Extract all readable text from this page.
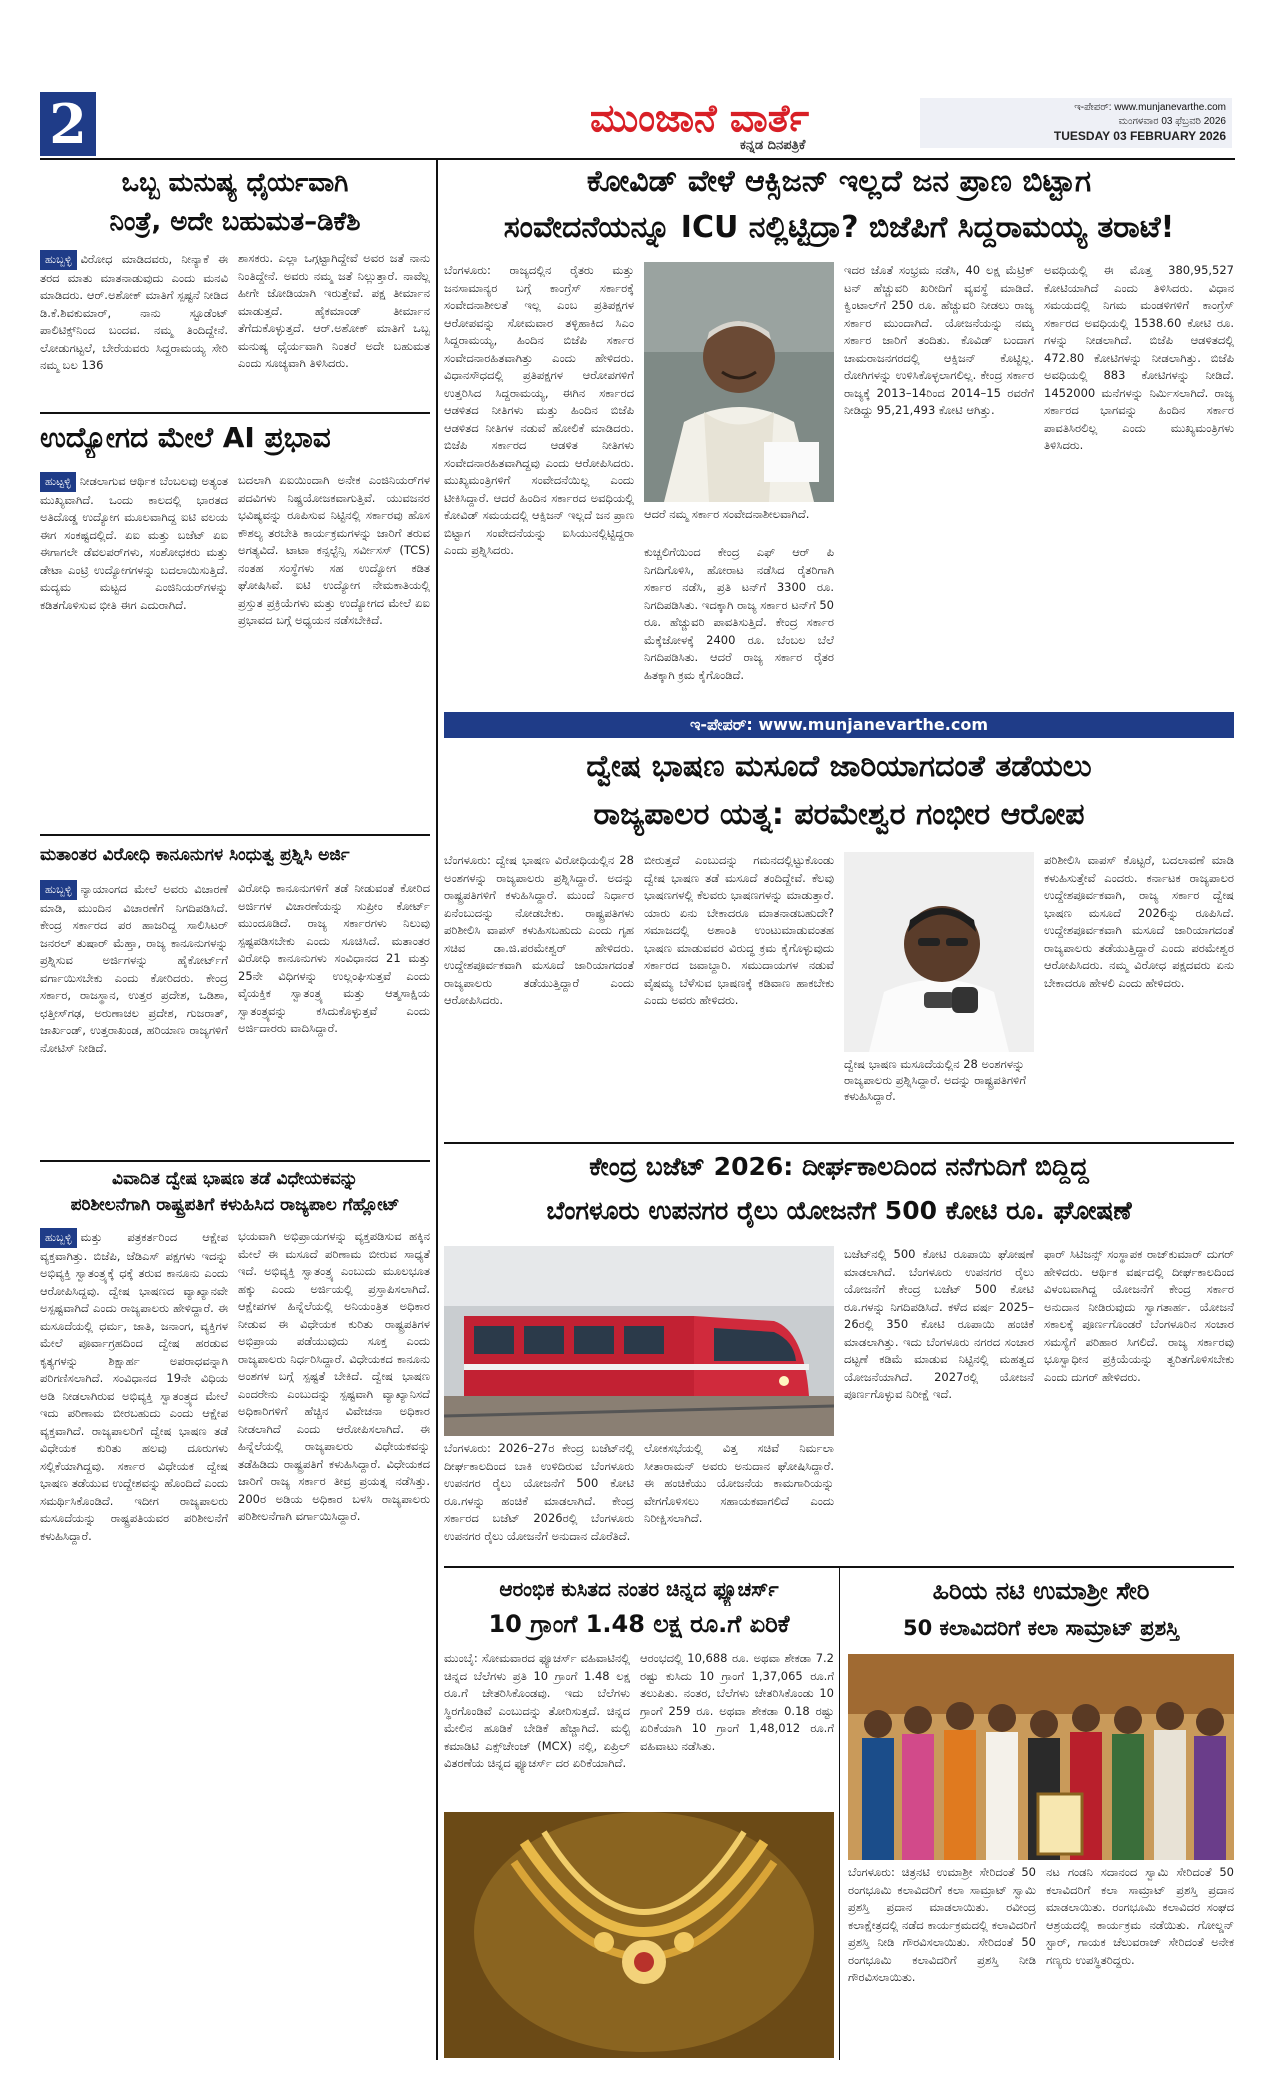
2	ಮುಂಜಾನೆ ವಾರ್ತೆ
ಕನ್ನಡ ದಿನಪತ್ರಿಕೆ
ಇ-ಪೇಪರ್: www.munjanevarthe.com
ಮಂಗಳವಾರ 03 ಫೆಬ್ರವರಿ 2026
TUESDAY 03 FEBRUARY 2026
ಒಬ್ಬ ಮನುಷ್ಯ ಧೈರ್ಯವಾಗಿ
ನಿಂತ್ರೆ, ಅದೇ ಬಹುಮತ–ಡಿಕೆಶಿ
ಹುಬ್ಬಳ್ಳಿ ವಿರೋಧ ಮಾಡಿದವರು, ನೀನ್ಯಾಕೆ ಈ ತರದ ಮಾತು ಮಾತನಾಡುವುದು ಎಂದು ಮನವಿ ಮಾಡಿದರು. ಆರ್.ಅಶೋಕ್ ಮಾತಿಗೆ ಸ್ಪಷ್ಟನೆ ನೀಡಿದ ಡಿ.ಕೆ.ಶಿವಕುಮಾರ್, ನಾನು ಸ್ಟೂಡೆಂಟ್ ಪಾಲಿಟಿಕ್ಸ್‌ನಿಂದ ಬಂದವ. ನಮ್ಮ ತಿಂದಿದ್ದೇನೆ. ಲೋಡುಗಟ್ಟಲೆ, ಬೇರೆಯವರು ಸಿದ್ದರಾಮಯ್ಯ ಸೇರಿ ನಮ್ಮ ಬಲ 136
ಶಾಸಕರು. ಎಲ್ಲಾ ಒಗ್ಗಟ್ಟಾಗಿದ್ದೇವೆ ಅವರ ಜತೆ ನಾನು ನಿಂತಿದ್ದೇನೆ. ಅವರು ನಮ್ಮ ಜತೆ ನಿಲ್ಲುತ್ತಾರೆ. ನಾವೆಲ್ಲ ಹೀಗೇ ಜೋಡಿಯಾಗಿ ಇರುತ್ತೇವೆ. ಪಕ್ಷ ತೀರ್ಮಾನ ಮಾಡುತ್ತದೆ. ಹೈಕಮಾಂಡ್ ತೀರ್ಮಾನ ತೆಗೆದುಕೊಳ್ಳುತ್ತದೆ. ಆರ್.ಅಶೋಕ್ ಮಾತಿಗೆ ಒಬ್ಬ ಮನುಷ್ಯ ಧೈರ್ಯವಾಗಿ ನಿಂತರೆ ಅದೇ ಬಹುಮತ ಎಂದು ಸೂಚ್ಯವಾಗಿ ತಿಳಿಸಿದರು.
ಉದ್ಯೋಗದ ಮೇಲೆ AI ಪ್ರಭಾವ
ಹುಟ್ಟಳ್ಳಿ ನೀಡಲಾಗುವ ಆರ್ಥಿಕ ಬೆಂಬಲವು ಅತ್ಯಂತ ಮುಖ್ಯವಾಗಿದೆ. ಒಂದು ಕಾಲದಲ್ಲಿ ಭಾರತದ ಅತಿದೊಡ್ಡ ಉದ್ಯೋಗ ಮೂಲವಾಗಿದ್ದ ಐಟಿ ವಲಯ ಈಗ ಸಂಕಷ್ಟದಲ್ಲಿದೆ. ಏಐ ಮತ್ತು ಬಜೆಟ್ ಏಐ ಈಗಾಗಲೇ ಡೆವಲಪರ್‌ಗಳು, ಸಂಶೋಧಕರು ಮತ್ತು ಡೇಟಾ ಎಂಟ್ರಿ ಉದ್ಯೋಗಗಳನ್ನು ಬದಲಾಯಿಸುತ್ತಿದೆ. ಮದ್ಯಮ ಮಟ್ಟದ ಎಂಜಿನಿಯರ್‌ಗಳನ್ನು ಕಡಿತಗೊಳಿಸುವ ಭೀತಿ ಈಗ ಎದುರಾಗಿದೆ.
ಬದಲಾಗಿ ಏಐಯಿಂದಾಗಿ ಅನೇಕ ಎಂಜಿನಿಯರ್‌ಗಳ ಪದವಿಗಳು ನಿಷ್ಪ್ರಯೋಜಕವಾಗುತ್ತಿವೆ. ಯುವಜನರ ಭವಿಷ್ಯವನ್ನು ರೂಪಿಸುವ ನಿಟ್ಟಿನಲ್ಲಿ ಸರ್ಕಾರವು ಹೊಸ ಕೌಶಲ್ಯ ತರಬೇತಿ ಕಾರ್ಯಕ್ರಮಗಳನ್ನು ಜಾರಿಗೆ ತರುವ ಅಗತ್ಯವಿದೆ. ಟಾಟಾ ಕನ್ಸಲ್ಟೆನ್ಸಿ ಸರ್ವೀಸಸ್ (TCS) ನಂತಹ ಸಂಸ್ಥೆಗಳು ಸಹ ಉದ್ಯೋಗ ಕಡಿತ ಘೋಷಿಸಿವೆ. ಐಟಿ ಉದ್ಯೋಗ ನೇಮಕಾತಿಯಲ್ಲಿ ಪ್ರಸ್ತುತ ಪ್ರಕ್ರಿಯೆಗಳು ಮತ್ತು ಉದ್ಯೋಗದ ಮೇಲೆ ಏಐ ಪ್ರಭಾವದ ಬಗ್ಗೆ ಅಧ್ಯಯನ ನಡೆಸಬೇಕಿದೆ.
ಮತಾಂತರ ವಿರೋಧಿ ಕಾನೂನುಗಳ ಸಿಂಧುತ್ವ ಪ್ರಶ್ನಿಸಿ ಅರ್ಜಿ
ಹುಬ್ಬಳ್ಳಿ ನ್ಯಾಯಾಂಗದ ಮೇಲೆ ಅವರು ವಿಚಾರಣೆ ಮಾಡಿ, ಮುಂದಿನ ವಿಚಾರಣೆಗೆ ನಿಗದಿಪಡಿಸಿದೆ. ಕೇಂದ್ರ ಸರ್ಕಾರದ ಪರ ಹಾಜರಿದ್ದ ಸಾಲಿಸಿಟರ್ ಜನರಲ್ ತುಷಾರ್ ಮೆಹ್ತಾ, ರಾಜ್ಯ ಕಾನೂನುಗಳನ್ನು ಪ್ರಶ್ನಿಸುವ ಅರ್ಜಿಗಳನ್ನು ಹೈಕೋರ್ಟ್‌ಗೆ ವರ್ಗಾಯಿಸಬೇಕು ಎಂದು ಕೋರಿದರು. ಕೇಂದ್ರ ಸರ್ಕಾರ, ರಾಜಸ್ಥಾನ, ಉತ್ತರ ಪ್ರದೇಶ, ಒಡಿಶಾ, ಛತ್ತೀಸ್‌ಗಢ, ಅರುಣಾಚಲ ಪ್ರದೇಶ, ಗುಜರಾತ್, ಜಾರ್ಖಂಡ್, ಉತ್ತರಾಖಂಡ, ಹರಿಯಾಣ ರಾಜ್ಯಗಳಿಗೆ ನೋಟಿಸ್ ನೀಡಿದೆ.
ವಿರೋಧಿ ಕಾನೂನುಗಳಿಗೆ ತಡೆ ನೀಡುವಂತೆ ಕೋರಿದ ಅರ್ಜಿಗಳ ವಿಚಾರಣೆಯನ್ನು ಸುಪ್ರೀಂ ಕೋರ್ಟ್ ಮುಂದೂಡಿದೆ. ರಾಜ್ಯ ಸರ್ಕಾರಗಳು ನಿಲುವು ಸ್ಪಷ್ಟಪಡಿಸಬೇಕು ಎಂದು ಸೂಚಿಸಿದೆ. ಮತಾಂತರ ವಿರೋಧಿ ಕಾನೂನುಗಳು ಸಂವಿಧಾನದ 21 ಮತ್ತು 25ನೇ ವಿಧಿಗಳನ್ನು ಉಲ್ಲಂಘಿಸುತ್ತವೆ ಎಂದು ವೈಯಕ್ತಿಕ ಸ್ವಾತಂತ್ರ್ಯ ಮತ್ತು ಆತ್ಮಸಾಕ್ಷಿಯ ಸ್ವಾತಂತ್ರ್ಯವನ್ನು ಕಸಿದುಕೊಳ್ಳುತ್ತವೆ ಎಂದು ಅರ್ಜಿದಾರರು ವಾದಿಸಿದ್ದಾರೆ.
ವಿವಾದಿತ ದ್ವೇಷ ಭಾಷಣ ತಡೆ ವಿಧೇಯಕವನ್ನು
ಪರಿಶೀಲನೆಗಾಗಿ ರಾಷ್ಟ್ರಪತಿಗೆ ಕಳುಹಿಸಿದ ರಾಜ್ಯಪಾಲ ಗೆಹ್ಲೋಟ್
ಹುಬ್ಬಳ್ಳಿ ಮತ್ತು ಪತ್ರಕರ್ತರಿಂದ ಆಕ್ಷೇಪ ವ್ಯಕ್ತವಾಗಿತ್ತು. ಬಿಜೆಪಿ, ಜೆಡಿಎಸ್ ಪಕ್ಷಗಳು ಇದನ್ನು ಅಭಿವ್ಯಕ್ತಿ ಸ್ವಾತಂತ್ರ್ಯಕ್ಕೆ ಧಕ್ಕೆ ತರುವ ಕಾನೂನು ಎಂದು ಆರೋಪಿಸಿದ್ದವು. ದ್ವೇಷ ಭಾಷಣದ ವ್ಯಾಖ್ಯಾನವೇ ಅಸ್ಪಷ್ಟವಾಗಿದೆ ಎಂದು ರಾಜ್ಯಪಾಲರು ಹೇಳಿದ್ದಾರೆ. ಈ ಮಸೂದೆಯಲ್ಲಿ ಧರ್ಮ, ಜಾತಿ, ಜನಾಂಗ, ವ್ಯಕ್ತಿಗಳ ಮೇಲೆ ಪೂರ್ವಾಗ್ರಹದಿಂದ ದ್ವೇಷ ಹರಡುವ ಕೃತ್ಯಗಳನ್ನು ಶಿಕ್ಷಾರ್ಹ ಅಪರಾಧವನ್ನಾಗಿ ಪರಿಗಣಿಸಲಾಗಿದೆ. ಸಂವಿಧಾನದ 19ನೇ ವಿಧಿಯ ಅಡಿ ನೀಡಲಾಗಿರುವ ಅಭಿವ್ಯಕ್ತಿ ಸ್ವಾತಂತ್ರ್ಯದ ಮೇಲೆ ಇದು ಪರಿಣಾಮ ಬೀರಬಹುದು ಎಂದು ಆಕ್ಷೇಪ ವ್ಯಕ್ತವಾಗಿದೆ. ರಾಜ್ಯಪಾಲರಿಗೆ ದ್ವೇಷ ಭಾಷಣ ತಡೆ ವಿಧೇಯಕ ಕುರಿತು ಹಲವು ದೂರುಗಳು ಸಲ್ಲಿಕೆಯಾಗಿದ್ದವು. ಸರ್ಕಾರ ವಿಧೇಯಕ ದ್ವೇಷ ಭಾಷಣ ತಡೆಯುವ ಉದ್ದೇಶವನ್ನು ಹೊಂದಿದೆ ಎಂದು ಸಮರ್ಥಿಸಿಕೊಂಡಿದೆ. ಇದೀಗ ರಾಜ್ಯಪಾಲರು ಮಸೂದೆಯನ್ನು ರಾಷ್ಟ್ರಪತಿಯವರ ಪರಿಶೀಲನೆಗೆ ಕಳುಹಿಸಿದ್ದಾರೆ.
ಭಯವಾಗಿ ಅಭಿಪ್ರಾಯಗಳನ್ನು ವ್ಯಕ್ತಪಡಿಸುವ ಹಕ್ಕಿನ ಮೇಲೆ ಈ ಮಸೂದೆ ಪರಿಣಾಮ ಬೀರುವ ಸಾಧ್ಯತೆ ಇದೆ. ಅಭಿವ್ಯಕ್ತಿ ಸ್ವಾತಂತ್ರ್ಯ ಎಂಬುದು ಮೂಲಭೂತ ಹಕ್ಕು ಎಂದು ಅರ್ಜಿಯಲ್ಲಿ ಪ್ರಸ್ತಾಪಿಸಲಾಗಿದೆ. ಆಕ್ಷೇಪಗಳ ಹಿನ್ನೆಲೆಯಲ್ಲಿ ಅನಿಯಂತ್ರಿತ ಅಧಿಕಾರ ನೀಡುವ ಈ ವಿಧೇಯಕ ಕುರಿತು ರಾಷ್ಟ್ರಪತಿಗಳ ಅಭಿಪ್ರಾಯ ಪಡೆಯುವುದು ಸೂಕ್ತ ಎಂದು ರಾಜ್ಯಪಾಲರು ನಿರ್ಧರಿಸಿದ್ದಾರೆ. ವಿಧೇಯಕದ ಕಾನೂನು ಅಂಶಗಳ ಬಗ್ಗೆ ಸ್ಪಷ್ಟತೆ ಬೇಕಿದೆ. ದ್ವೇಷ ಭಾಷಣ ಎಂದರೇನು ಎಂಬುದನ್ನು ಸ್ಪಷ್ಟವಾಗಿ ವ್ಯಾಖ್ಯಾನಿಸದೆ ಅಧಿಕಾರಿಗಳಿಗೆ ಹೆಚ್ಚಿನ ವಿವೇಚನಾ ಅಧಿಕಾರ ನೀಡಲಾಗಿದೆ ಎಂದು ಆರೋಪಿಸಲಾಗಿದೆ. ಈ ಹಿನ್ನೆಲೆಯಲ್ಲಿ ರಾಜ್ಯಪಾಲರು ವಿಧೇಯಕವನ್ನು ತಡೆಹಿಡಿದು ರಾಷ್ಟ್ರಪತಿಗೆ ಕಳುಹಿಸಿದ್ದಾರೆ. ವಿಧೇಯಕದ ಜಾರಿಗೆ ರಾಜ್ಯ ಸರ್ಕಾರ ತೀವ್ರ ಪ್ರಯತ್ನ ನಡೆಸಿತ್ತು. 200ರ ಅಡಿಯ ಅಧಿಕಾರ ಬಳಸಿ ರಾಜ್ಯಪಾಲರು ಪರಿಶೀಲನೆಗಾಗಿ ವರ್ಗಾಯಿಸಿದ್ದಾರೆ.
ಕೋವಿಡ್ ವೇಳೆ ಆಕ್ಸಿಜನ್ ಇಲ್ಲದೆ ಜನ ಪ್ರಾಣ ಬಿಟ್ಟಾಗ
ಸಂವೇದನೆಯನ್ನೂ ICU ನಲ್ಲಿಟ್ಟಿದ್ರಾ? ಬಿಜೆಪಿಗೆ ಸಿದ್ದರಾಮಯ್ಯ ತರಾಟೆ!
ಬೆಂಗಳೂರು: ರಾಜ್ಯದಲ್ಲಿನ ರೈತರು ಮತ್ತು ಜನಸಾಮಾನ್ಯರ ಬಗ್ಗೆ ಕಾಂಗ್ರೆಸ್ ಸರ್ಕಾರಕ್ಕೆ ಸಂವೇದನಾಶೀಲತೆ ಇಲ್ಲ ಎಂಬ ಪ್ರತಿಪಕ್ಷಗಳ ಆರೋಪವನ್ನು ಸೋಮವಾರ ತಳ್ಳಿಹಾಕಿದ ಸಿಎಂ ಸಿದ್ದರಾಮಯ್ಯ, ಹಿಂದಿನ ಬಿಜೆಪಿ ಸರ್ಕಾರ ಸಂವೇದನಾರಹಿತವಾಗಿತ್ತು ಎಂದು ಹೇಳಿದರು. ವಿಧಾನಸೌಧದಲ್ಲಿ ಪ್ರತಿಪಕ್ಷಗಳ ಆರೋಪಗಳಿಗೆ ಉತ್ತರಿಸಿದ ಸಿದ್ದರಾಮಯ್ಯ, ಈಗಿನ ಸರ್ಕಾರದ ಆಡಳಿತದ ನೀತಿಗಳು ಮತ್ತು ಹಿಂದಿನ ಬಿಜೆಪಿ ಆಡಳಿತದ ನೀತಿಗಳ ನಡುವೆ ಹೋಲಿಕೆ ಮಾಡಿದರು. ಬಿಜೆಪಿ ಸರ್ಕಾರದ ಆಡಳಿತ ನೀತಿಗಳು ಸಂವೇದನಾರಹಿತವಾಗಿದ್ದವು ಎಂದು ಆರೋಪಿಸಿದರು. ಮುಖ್ಯಮಂತ್ರಿಗಳಿಗೆ ಸಂವೇದನೆಯಿಲ್ಲ ಎಂದು ಟೀಕಿಸಿದ್ದಾರೆ. ಆದರೆ ಹಿಂದಿನ ಸರ್ಕಾರದ ಅವಧಿಯಲ್ಲಿ ಕೋವಿಡ್ ಸಮಯದಲ್ಲಿ ಆಕ್ಸಿಜನ್ ಇಲ್ಲದೆ ಜನ ಪ್ರಾಣ ಬಿಟ್ಟಾಗ ಸಂವೇದನೆಯನ್ನು ಐಸಿಯುನಲ್ಲಿಟ್ಟಿದ್ದರಾ ಎಂದು ಪ್ರಶ್ನಿಸಿದರು.
ಆದರೆ ನಮ್ಮ ಸರ್ಕಾರ ಸಂವೇದನಾಶೀಲವಾಗಿದೆ.
ಕುಚ್ಚಲಿಗೆಯಿಂದ ಕೇಂದ್ರ ಎಫ್ ಆರ್ ಪಿ ನಿಗದಿಗೊಳಿಸಿ, ಹೋರಾಟ ನಡೆಸಿದ ರೈತರಿಗಾಗಿ ಸರ್ಕಾರ ನಡೆಸಿ, ಪ್ರತಿ ಟನ್‌ಗೆ 3300 ರೂ. ನಿಗದಿಪಡಿಸಿತು. ಇದಕ್ಕಾಗಿ ರಾಜ್ಯ ಸರ್ಕಾರ ಟನ್‌ಗೆ 50 ರೂ. ಹೆಚ್ಚುವರಿ ಪಾವತಿಸುತ್ತಿದೆ. ಕೇಂದ್ರ ಸರ್ಕಾರ ಮೆಕ್ಕೆಜೋಳಕ್ಕೆ 2400 ರೂ. ಬೆಂಬಲ ಬೆಲೆ ನಿಗದಿಪಡಿಸಿತು. ಆದರೆ ರಾಜ್ಯ ಸರ್ಕಾರ ರೈತರ ಹಿತಕ್ಕಾಗಿ ಕ್ರಮ ಕೈಗೊಂಡಿದೆ.
ಇದರ ಜೊತೆ ಸಂಭ್ರಮ ನಡೆಸಿ, 40 ಲಕ್ಷ ಮೆಟ್ರಿಕ್ ಟನ್ ಹೆಚ್ಚುವರಿ ಖರೀದಿಗೆ ವ್ಯವಸ್ಥೆ ಮಾಡಿದೆ. ಕ್ವಿಂಟಾಲ್‌ಗೆ 250 ರೂ. ಹೆಚ್ಚುವರಿ ನೀಡಲು ರಾಜ್ಯ ಸರ್ಕಾರ ಮುಂದಾಗಿದೆ. ಯೋಜನೆಯನ್ನು ನಮ್ಮ ಸರ್ಕಾರ ಜಾರಿಗೆ ತಂದಿತು. ಕೊವಿಡ್ ಬಂದಾಗ ಚಾಮರಾಜನಗರದಲ್ಲಿ ಆಕ್ಸಿಜನ್ ಕೊಟ್ಟಿಲ್ಲ. ರೋಗಿಗಳನ್ನು ಉಳಿಸಿಕೊಳ್ಳಲಾಗಲಿಲ್ಲ. ಕೇಂದ್ರ ಸರ್ಕಾರ ರಾಜ್ಯಕ್ಕೆ 2013–14ರಿಂದ 2014–15 ರವರೆಗೆ ನೀಡಿದ್ದು 95,21,493 ಕೋಟಿ ಆಗಿತ್ತು.
ಅವಧಿಯಲ್ಲಿ ಈ ಮೊತ್ತ 380,95,527 ಕೋಟಿಯಾಗಿದೆ ಎಂದು ತಿಳಿಸಿದರು. ವಿಧಾನ ಸಮಯದಲ್ಲಿ ನಿಗಮ ಮಂಡಳಿಗಳಿಗೆ ಕಾಂಗ್ರೆಸ್ ಸರ್ಕಾರದ ಅವಧಿಯಲ್ಲಿ 1538.60 ಕೋಟಿ ರೂ. ಗಳನ್ನು ನೀಡಲಾಗಿದೆ. ಬಿಜೆಪಿ ಆಡಳಿತದಲ್ಲಿ 472.80 ಕೋಟಿಗಳನ್ನು ನೀಡಲಾಗಿತ್ತು. ಬಿಜೆಪಿ ಅವಧಿಯಲ್ಲಿ 883 ಕೋಟಿಗಳನ್ನು ನೀಡಿದೆ. 1452000 ಮನೆಗಳನ್ನು ನಿರ್ಮಿಸಲಾಗಿದೆ. ರಾಜ್ಯ ಸರ್ಕಾರದ ಭಾಗವನ್ನು ಹಿಂದಿನ ಸರ್ಕಾರ ಪಾವತಿಸಿರಲಿಲ್ಲ ಎಂದು ಮುಖ್ಯಮಂತ್ರಿಗಳು ತಿಳಿಸಿದರು.
ಇ-ಪೇಪರ್: www.munjanevarthe.com
ದ್ವೇಷ ಭಾಷಣ ಮಸೂದೆ ಜಾರಿಯಾಗದಂತೆ ತಡೆಯಲು
ರಾಜ್ಯಪಾಲರ ಯತ್ನ: ಪರಮೇಶ್ವರ ಗಂಭೀರ ಆರೋಪ
ಬೆಂಗಳೂರು: ದ್ವೇಷ ಭಾಷಣ ವಿರೋಧಿಯಲ್ಲಿನ 28 ಅಂಶಗಳನ್ನು ರಾಜ್ಯಪಾಲರು ಪ್ರಶ್ನಿಸಿದ್ದಾರೆ. ಅದನ್ನು ರಾಷ್ಟ್ರಪತಿಗಳಿಗೆ ಕಳುಹಿಸಿದ್ದಾರೆ. ಮುಂದೆ ನಿರ್ಧಾರ ಏನೆಂಬುದನ್ನು ನೋಡಬೇಕು. ರಾಷ್ಟ್ರಪತಿಗಳು ಪರಿಶೀಲಿಸಿ ವಾಪಸ್ ಕಳುಹಿಸಬಹುದು ಎಂದು ಗೃಹ ಸಚಿವ ಡಾ.ಜಿ.ಪರಮೇಶ್ವರ್ ಹೇಳಿದರು. ಉದ್ದೇಶಪೂರ್ವಕವಾಗಿ ಮಸೂದೆ ಜಾರಿಯಾಗದಂತೆ ರಾಜ್ಯಪಾಲರು ತಡೆಯುತ್ತಿದ್ದಾರೆ ಎಂದು ಆರೋಪಿಸಿದರು.
ಬೀರುತ್ತದೆ ಎಂಬುದನ್ನು ಗಮನದಲ್ಲಿಟ್ಟುಕೊಂಡು ದ್ವೇಷ ಭಾಷಣ ತಡೆ ಮಸೂದೆ ತಂದಿದ್ದೇವೆ. ಕೆಲವು ಭಾಷಣಗಳಲ್ಲಿ ಕೆಲವರು ಭಾಷಣಗಳನ್ನು ಮಾಡುತ್ತಾರೆ. ಯಾರು ಏನು ಬೇಕಾದರೂ ಮಾತನಾಡಬಹುದೇ? ಸಮಾಜದಲ್ಲಿ ಅಶಾಂತಿ ಉಂಟುಮಾಡುವಂತಹ ಭಾಷಣ ಮಾಡುವವರ ವಿರುದ್ಧ ಕ್ರಮ ಕೈಗೊಳ್ಳುವುದು ಸರ್ಕಾರದ ಜವಾಬ್ದಾರಿ. ಸಮುದಾಯಗಳ ನಡುವೆ ವೈಷಮ್ಯ ಬೆಳೆಸುವ ಭಾಷಣಕ್ಕೆ ಕಡಿವಾಣ ಹಾಕಬೇಕು ಎಂದು ಅವರು ಹೇಳಿದರು.
ದ್ವೇಷ ಭಾಷಣ ಮಸೂದೆಯಲ್ಲಿನ 28 ಅಂಶಗಳನ್ನು ರಾಜ್ಯಪಾಲರು ಪ್ರಶ್ನಿಸಿದ್ದಾರೆ. ಅದನ್ನು ರಾಷ್ಟ್ರಪತಿಗಳಿಗೆ ಕಳುಹಿಸಿದ್ದಾರೆ.
ಪರಿಶೀಲಿಸಿ ವಾಪಸ್ ಕೊಟ್ಟರೆ, ಬದಲಾವಣೆ ಮಾಡಿ ಕಳುಹಿಸುತ್ತೇವೆ ಎಂದರು. ಕರ್ನಾಟಕ ರಾಜ್ಯಪಾಲರ ಉದ್ದೇಶಪೂರ್ವಕವಾಗಿ, ರಾಜ್ಯ ಸರ್ಕಾರ ದ್ವೇಷ ಭಾಷಣ ಮಸೂದೆ 2026ನ್ನು ರೂಪಿಸಿದೆ. ಉದ್ದೇಶಪೂರ್ವಕವಾಗಿ ಮಸೂದೆ ಜಾರಿಯಾಗದಂತೆ ರಾಜ್ಯಪಾಲರು ತಡೆಯುತ್ತಿದ್ದಾರೆ ಎಂದು ಪರಮೇಶ್ವರ ಆರೋಪಿಸಿದರು. ನಮ್ಮ ವಿರೋಧ ಪಕ್ಷದವರು ಏನು ಬೇಕಾದರೂ ಹೇಳಲಿ ಎಂದು ಹೇಳಿದರು.
ಕೇಂದ್ರ ಬಜೆಟ್ 2026: ದೀರ್ಘಕಾಲದಿಂದ ನನೆಗುದಿಗೆ ಬಿದ್ದಿದ್ದ
ಬೆಂಗಳೂರು ಉಪನಗರ ರೈಲು ಯೋಜನೆಗೆ 500 ಕೋಟಿ ರೂ. ಘೋಷಣೆ
ಬೆಂಗಳೂರು: 2026–27ರ ಕೇಂದ್ರ ಬಜೆಟ್‌ನಲ್ಲಿ ದೀರ್ಘಕಾಲದಿಂದ ಬಾಕಿ ಉಳಿದಿರುವ ಬೆಂಗಳೂರು ಉಪನಗರ ರೈಲು ಯೋಜನೆಗೆ 500 ಕೋಟಿ ರೂ.ಗಳನ್ನು ಹಂಚಿಕೆ ಮಾಡಲಾಗಿದೆ. ಕೇಂದ್ರ ಸರ್ಕಾರದ ಬಜೆಟ್ 2026ರಲ್ಲಿ ಬೆಂಗಳೂರು ಉಪನಗರ ರೈಲು ಯೋಜನೆಗೆ ಅನುದಾನ ದೊರೆತಿದೆ.
ಲೋಕಸಭೆಯಲ್ಲಿ ವಿತ್ತ ಸಚಿವೆ ನಿರ್ಮಲಾ ಸೀತಾರಾಮನ್ ಅವರು ಅನುದಾನ ಘೋಷಿಸಿದ್ದಾರೆ. ಈ ಹಂಚಿಕೆಯು ಯೋಜನೆಯ ಕಾಮಗಾರಿಯನ್ನು ವೇಗಗೊಳಿಸಲು ಸಹಾಯಕವಾಗಲಿದೆ ಎಂದು ನಿರೀಕ್ಷಿಸಲಾಗಿದೆ.
ಬಜೆಟ್‌ನಲ್ಲಿ 500 ಕೋಟಿ ರೂಪಾಯಿ ಘೋಷಣೆ ಮಾಡಲಾಗಿದೆ. ಬೆಂಗಳೂರು ಉಪನಗರ ರೈಲು ಯೋಜನೆಗೆ ಕೇಂದ್ರ ಬಜೆಟ್ 500 ಕೋಟಿ ರೂ.ಗಳನ್ನು ನಿಗದಿಪಡಿಸಿದೆ. ಕಳೆದ ವರ್ಷ 2025–26ರಲ್ಲಿ 350 ಕೋಟಿ ರೂಪಾಯಿ ಹಂಚಿಕೆ ಮಾಡಲಾಗಿತ್ತು. ಇದು ಬೆಂಗಳೂರು ನಗರದ ಸಂಚಾರ ದಟ್ಟಣೆ ಕಡಿಮೆ ಮಾಡುವ ನಿಟ್ಟಿನಲ್ಲಿ ಮಹತ್ವದ ಯೋಜನೆಯಾಗಿದೆ. 2027ರಲ್ಲಿ ಯೋಜನೆ ಪೂರ್ಣಗೊಳ್ಳುವ ನಿರೀಕ್ಷೆ ಇದೆ.
ಫಾರ್ ಸಿಟಿಜನ್ಸ್ ಸಂಸ್ಥಾಪಕ ರಾಜ್‌ಕುಮಾರ್ ದುಗರ್ ಹೇಳಿದರು. ಆರ್ಥಿಕ ವರ್ಷದಲ್ಲಿ ದೀರ್ಘಕಾಲದಿಂದ ವಿಳಂಬವಾಗಿದ್ದ ಯೋಜನೆಗೆ ಕೇಂದ್ರ ಸರ್ಕಾರ ಅನುದಾನ ನೀಡಿರುವುದು ಸ್ವಾಗತಾರ್ಹ. ಯೋಜನೆ ಸಕಾಲಕ್ಕೆ ಪೂರ್ಣಗೊಂಡರೆ ಬೆಂಗಳೂರಿನ ಸಂಚಾರ ಸಮಸ್ಯೆಗೆ ಪರಿಹಾರ ಸಿಗಲಿದೆ. ರಾಜ್ಯ ಸರ್ಕಾರವು ಭೂಸ್ವಾಧೀನ ಪ್ರಕ್ರಿಯೆಯನ್ನು ತ್ವರಿತಗೊಳಿಸಬೇಕು ಎಂದು ದುಗರ್ ಹೇಳಿದರು.
ಆರಂಭಿಕ ಕುಸಿತದ ನಂತರ ಚಿನ್ನದ ಫ್ಯೂಚರ್ಸ್
10 ಗ್ರಾಂಗೆ 1.48 ಲಕ್ಷ ರೂ.ಗೆ ಏರಿಕೆ
ಮುಂಬೈ: ಸೋಮವಾರದ ಫ್ಯೂಚರ್ಸ್ ವಹಿವಾಟಿನಲ್ಲಿ ಚಿನ್ನದ ಬೆಲೆಗಳು ಪ್ರತಿ 10 ಗ್ರಾಂಗೆ 1.48 ಲಕ್ಷ ರೂ.ಗೆ ಚೇತರಿಸಿಕೊಂಡವು. ಇದು ಬೆಲೆಗಳು ಸ್ಥಿರಗೊಂಡಿವೆ ಎಂಬುದನ್ನು ತೋರಿಸುತ್ತದೆ. ಚಿನ್ನದ ಮೇಲಿನ ಹೂಡಿಕೆ ಬೇಡಿಕೆ ಹೆಚ್ಚಾಗಿದೆ. ಮಲ್ಟಿ ಕಮಾಡಿಟಿ ಎಕ್ಸ್‌ಚೇಂಜ್ (MCX) ನಲ್ಲಿ, ಏಪ್ರಿಲ್ ವಿತರಣೆಯ ಚಿನ್ನದ ಫ್ಯೂಚರ್ಸ್ ದರ ಏರಿಕೆಯಾಗಿದೆ.
ಆರಂಭದಲ್ಲಿ 10,688 ರೂ. ಅಥವಾ ಶೇಕಡಾ 7.2 ರಷ್ಟು ಕುಸಿದು 10 ಗ್ರಾಂಗೆ 1,37,065 ರೂ.ಗೆ ತಲುಪಿತು. ನಂತರ, ಬೆಲೆಗಳು ಚೇತರಿಸಿಕೊಂಡು 10 ಗ್ರಾಂಗೆ 259 ರೂ. ಅಥವಾ ಶೇಕಡಾ 0.18 ರಷ್ಟು ಏರಿಕೆಯಾಗಿ 10 ಗ್ರಾಂಗೆ 1,48,012 ರೂ.ಗೆ ವಹಿವಾಟು ನಡೆಸಿತು.
ಹಿರಿಯ ನಟಿ ಉಮಾಶ್ರೀ ಸೇರಿ
50 ಕಲಾವಿದರಿಗೆ ಕಲಾ ಸಾಮ್ರಾಟ್ ಪ್ರಶಸ್ತಿ
ಬೆಂಗಳೂರು: ಚಿತ್ರನಟಿ ಉಮಾಶ್ರೀ ಸೇರಿದಂತೆ 50 ರಂಗಭೂಮಿ ಕಲಾವಿದರಿಗೆ ಕಲಾ ಸಾಮ್ರಾಟ್ ಸ್ವಾಮಿ ಪ್ರಶಸ್ತಿ ಪ್ರದಾನ ಮಾಡಲಾಯಿತು. ರವೀಂದ್ರ ಕಲಾಕ್ಷೇತ್ರದಲ್ಲಿ ನಡೆದ ಕಾರ್ಯಕ್ರಮದಲ್ಲಿ ಕಲಾವಿದರಿಗೆ ಪ್ರಶಸ್ತಿ ನೀಡಿ ಗೌರವಿಸಲಾಯಿತು. ಸೇರಿದಂತೆ 50 ರಂಗಭೂಮಿ ಕಲಾವಿದರಿಗೆ ಪ್ರಶಸ್ತಿ ನೀಡಿ ಗೌರವಿಸಲಾಯಿತು.
ನಟ ಗಂಡನಿ ಸದಾನಂದ ಸ್ವಾಮಿ ಸೇರಿದಂತೆ 50 ಕಲಾವಿದರಿಗೆ ಕಲಾ ಸಾಮ್ರಾಟ್ ಪ್ರಶಸ್ತಿ ಪ್ರದಾನ ಮಾಡಲಾಯಿತು. ರಂಗಭೂಮಿ ಕಲಾವಿದರ ಸಂಘದ ಆಶ್ರಯದಲ್ಲಿ ಕಾರ್ಯಕ್ರಮ ನಡೆಯಿತು. ಗೋಲ್ಡನ್ ಸ್ಟಾರ್, ಗಾಯಕ ಚೆಲುವರಾಜ್ ಸೇರಿದಂತೆ ಅನೇಕ ಗಣ್ಯರು ಉಪಸ್ಥಿತರಿದ್ದರು.
